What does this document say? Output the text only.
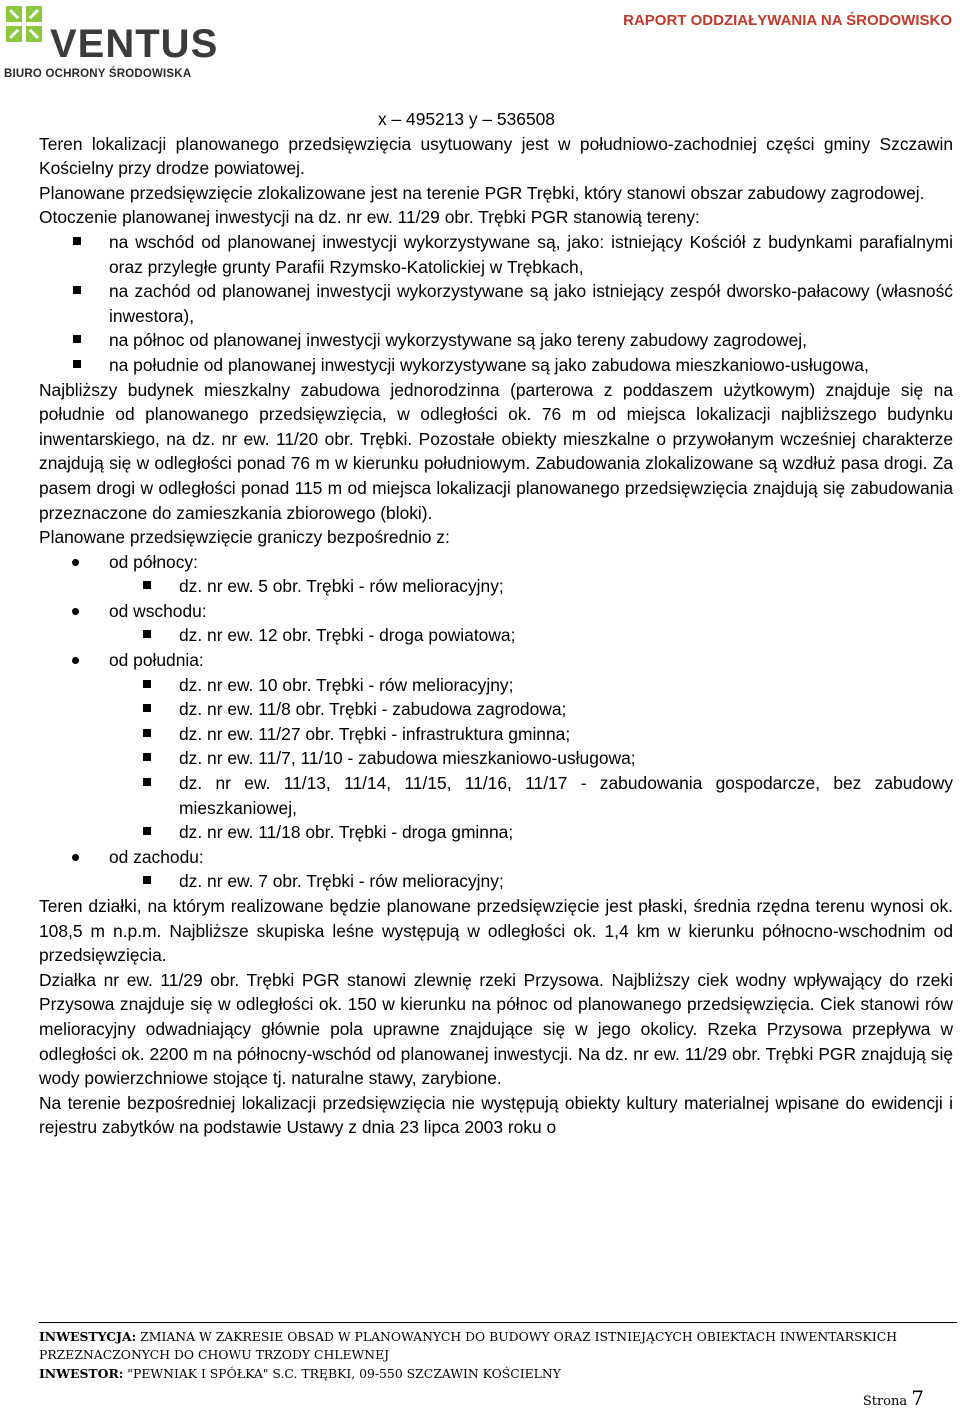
VENTUS
BIURO OCHRONY ŚRODOWISKA
RAPORT ODDZIAŁYWANIA NA ŚRODOWISKO

x – 495213 y – 536508

Teren lokalizacji planowanego przedsięwzięcia usytuowany jest w południowo-zachodniej części gminy Szczawin Kościelny przy drodze powiatowej.

Planowane przedsięwzięcie zlokalizowane jest na terenie PGR Trębki, który stanowi obszar zabudowy zagrodowej.

Otoczenie planowanej inwestycji na dz. nr ew. 11/29 obr. Trębki PGR stanowią tereny:

na wschód od planowanej inwestycji wykorzystywane są, jako: istniejący Kościół z budynkami parafialnymi oraz przyległe grunty Parafii Rzymsko-Katolickiej w Trębkach,
na zachód od planowanej inwestycji wykorzystywane są jako istniejący zespół dworsko-pałacowy (własność inwestora),
na północ od planowanej inwestycji wykorzystywane są jako tereny zabudowy zagrodowej,
na południe od planowanej inwestycji wykorzystywane są jako zabudowa mieszkaniowo-usługowa,

Najbliższy budynek mieszkalny zabudowa jednorodzinna (parterowa z poddaszem użytkowym) znajduje się na południe od planowanego przedsięwzięcia, w odległości ok. 76 m od miejsca lokalizacji najbliższego budynku inwentarskiego, na dz. nr ew. 11/20 obr. Trębki. Pozostałe obiekty mieszkalne o przywołanym wcześniej charakterze znajdują się w odległości ponad 76 m w kierunku południowym. Zabudowania zlokalizowane są wzdłuż pasa drogi. Za pasem drogi w odległości ponad 115 m od miejsca lokalizacji planowanego przedsięwzięcia znajdują się zabudowania przeznaczone do zamieszkania zbiorowego (bloki).

Planowane przedsięwzięcie graniczy bezpośrednio z:

od północy:
dz. nr ew. 5 obr. Trębki - rów melioracyjny;
od wschodu:
dz. nr ew. 12 obr. Trębki - droga powiatowa;
od południa:
dz. nr ew. 10 obr. Trębki - rów melioracyjny;
dz. nr ew. 11/8 obr. Trębki - zabudowa zagrodowa;
dz. nr ew. 11/27 obr. Trębki - infrastruktura gminna;
dz. nr ew. 11/7, 11/10 - zabudowa mieszkaniowo-usługowa;
dz. nr ew. 11/13, 11/14, 11/15, 11/16, 11/17 - zabudowania gospodarcze, bez zabudowy mieszkaniowej,
dz. nr ew. 11/18 obr. Trębki - droga gminna;
od zachodu:
dz. nr ew. 7 obr. Trębki - rów melioracyjny;

Teren działki, na którym realizowane będzie planowane przedsięwzięcie jest płaski, średnia rzędna terenu wynosi ok. 108,5 m n.p.m. Najbliższe skupiska leśne występują w odległości ok. 1,4 km w kierunku północno-wschodnim od przedsięwzięcia.

Działka nr ew. 11/29 obr. Trębki PGR stanowi zlewnię rzeki Przysowa. Najbliższy ciek wodny wpływający do rzeki Przysowa znajduje się w odległości ok. 150 w kierunku na północ od planowanego przedsięwzięcia. Ciek stanowi rów melioracyjny odwadniający głównie pola uprawne znajdujące się w jego okolicy. Rzeka Przysowa przepływa w odległości ok. 2200 m na północny-wschód od planowanej inwestycji. Na dz. nr ew. 11/29 obr. Trębki PGR znajdują się wody powierzchniowe stojące tj. naturalne stawy, zarybione.

Na terenie bezpośredniej lokalizacji przedsięwzięcia nie występują obiekty kultury materialnej wpisane do ewidencji i rejestru zabytków na podstawie Ustawy z dnia 23 lipca 2003 roku o

INWESTYCJA: ZMIANA W ZAKRESIE OBSAD W PLANOWANYCH DO BUDOWY ORAZ ISTNIEJĄCYCH OBIEKTACH INWENTARSKICH PRZEZNACZONYCH DO CHOWU TRZODY CHLEWNEJ
INWESTOR: "PEWNIAK I SPÓŁKA" S.C. TRĘBKI, 09-550 SZCZAWIN KOŚCIELNY
Strona 7
